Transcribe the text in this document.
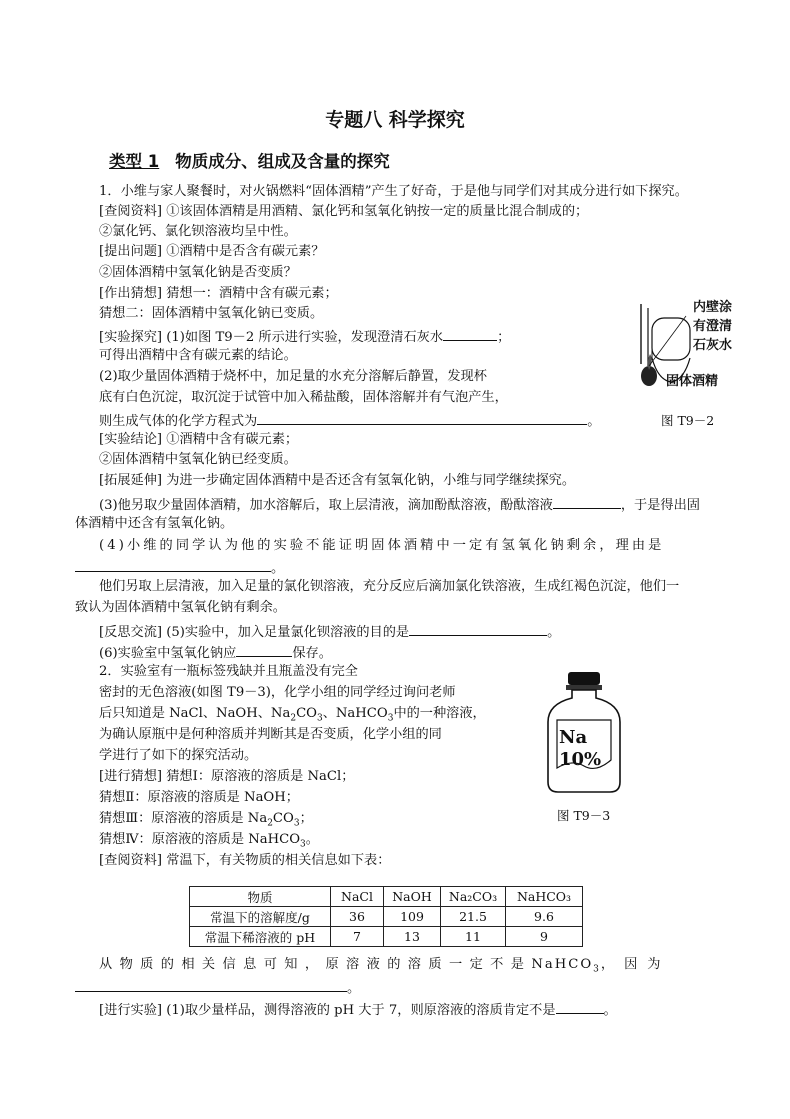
专题八 科学探究
类型 1 物质成分、组成及含量的探究
1．小维与家人聚餐时，对火锅燃料“固体酒精”产生了好奇，于是他与同学们对其成分进行如下探究。
[查阅资料] ①该固体酒精是用酒精、氯化钙和氢氧化钠按一定的质量比混合制成的；
②氯化钙、氯化钡溶液均呈中性。
[提出问题] ①酒精中是否含有碳元素？
②固体酒精中氢氧化钠是否变质？
[作出猜想] 猜想一：酒精中含有碳元素；
猜想二：固体酒精中氢氧化钠已变质。
[实验探究] (1)如图 T9－2 所示进行实验，发现澄清石灰水	；
可得出酒精中含有碳元素的结论。
(2)取少量固体酒精于烧杯中，加足量的水充分溶解后静置，发现杯
底有白色沉淀，取沉淀于试管中加入稀盐酸，固体溶解并有气泡产生，
则生成气体的化学方程式为	。
[实验结论] ①酒精中含有碳元素；
②固体酒精中氢氧化钠已经变质。
[拓展延伸] 为进一步确定固体酒精中是否还含有氢氧化钠，小维与同学继续探究。
(3)他另取少量固体酒精，加水溶解后，取上层清液，滴加酚酞溶液，酚酞溶液	，于是得出固
体酒精中还含有氢氧化钠。
(4)小维的同学认为他的实验不能证明固体酒精中一定有氢氧化钠剩余，理由是
。
他们另取上层清液，加入足量的氯化钡溶液，充分反应后滴加氯化铁溶液，生成红褐色沉淀，他们一
致认为固体酒精中氢氧化钠有剩余。
[反思交流] (5)实验中，加入足量氯化钡溶液的目的是	。
(6)实验室中氢氧化钠应	保存。
内壁涂
有澄清
石灰水
固体酒精
图 T9－2
2．实验室有一瓶标签残缺并且瓶盖没有完全
密封的无色溶液(如图 T9－3)，化学小组的同学经过询问老师
后只知道是 NaCl、NaOH、$Na_2CO_3$、NaHCO$_3$中的一种溶液，
为确认原瓶中是何种溶质并判断其是否变质，化学小组的同
学进行了如下的探究活动。
[进行猜想] 猜想Ⅰ：原溶液的溶质是 NaCl；
猜想Ⅱ：原溶液的溶质是 NaOH；
猜想Ⅲ：原溶液的溶质是 $Na_2CO_3$；
猜想Ⅳ：原溶液的溶质是 NaHCO$_3$。
[查阅资料] 常温下，有关物质的相关信息如下表：
Na
10%
图 T9－3
物质	NaCl	NaOH	Na₂CO₃	NaHCO₃
常温下的溶解度/g	36	109	21.5	9.6
常温下稀溶液的 pH	7	13	11	9
从物质的相关信息可知，原溶液的溶质一定不是NaHCO$_3$，因为
。
[进行实验] (1)取少量样品，测得溶液的 pH 大于 7，则原溶液的溶质肯定不是	。
